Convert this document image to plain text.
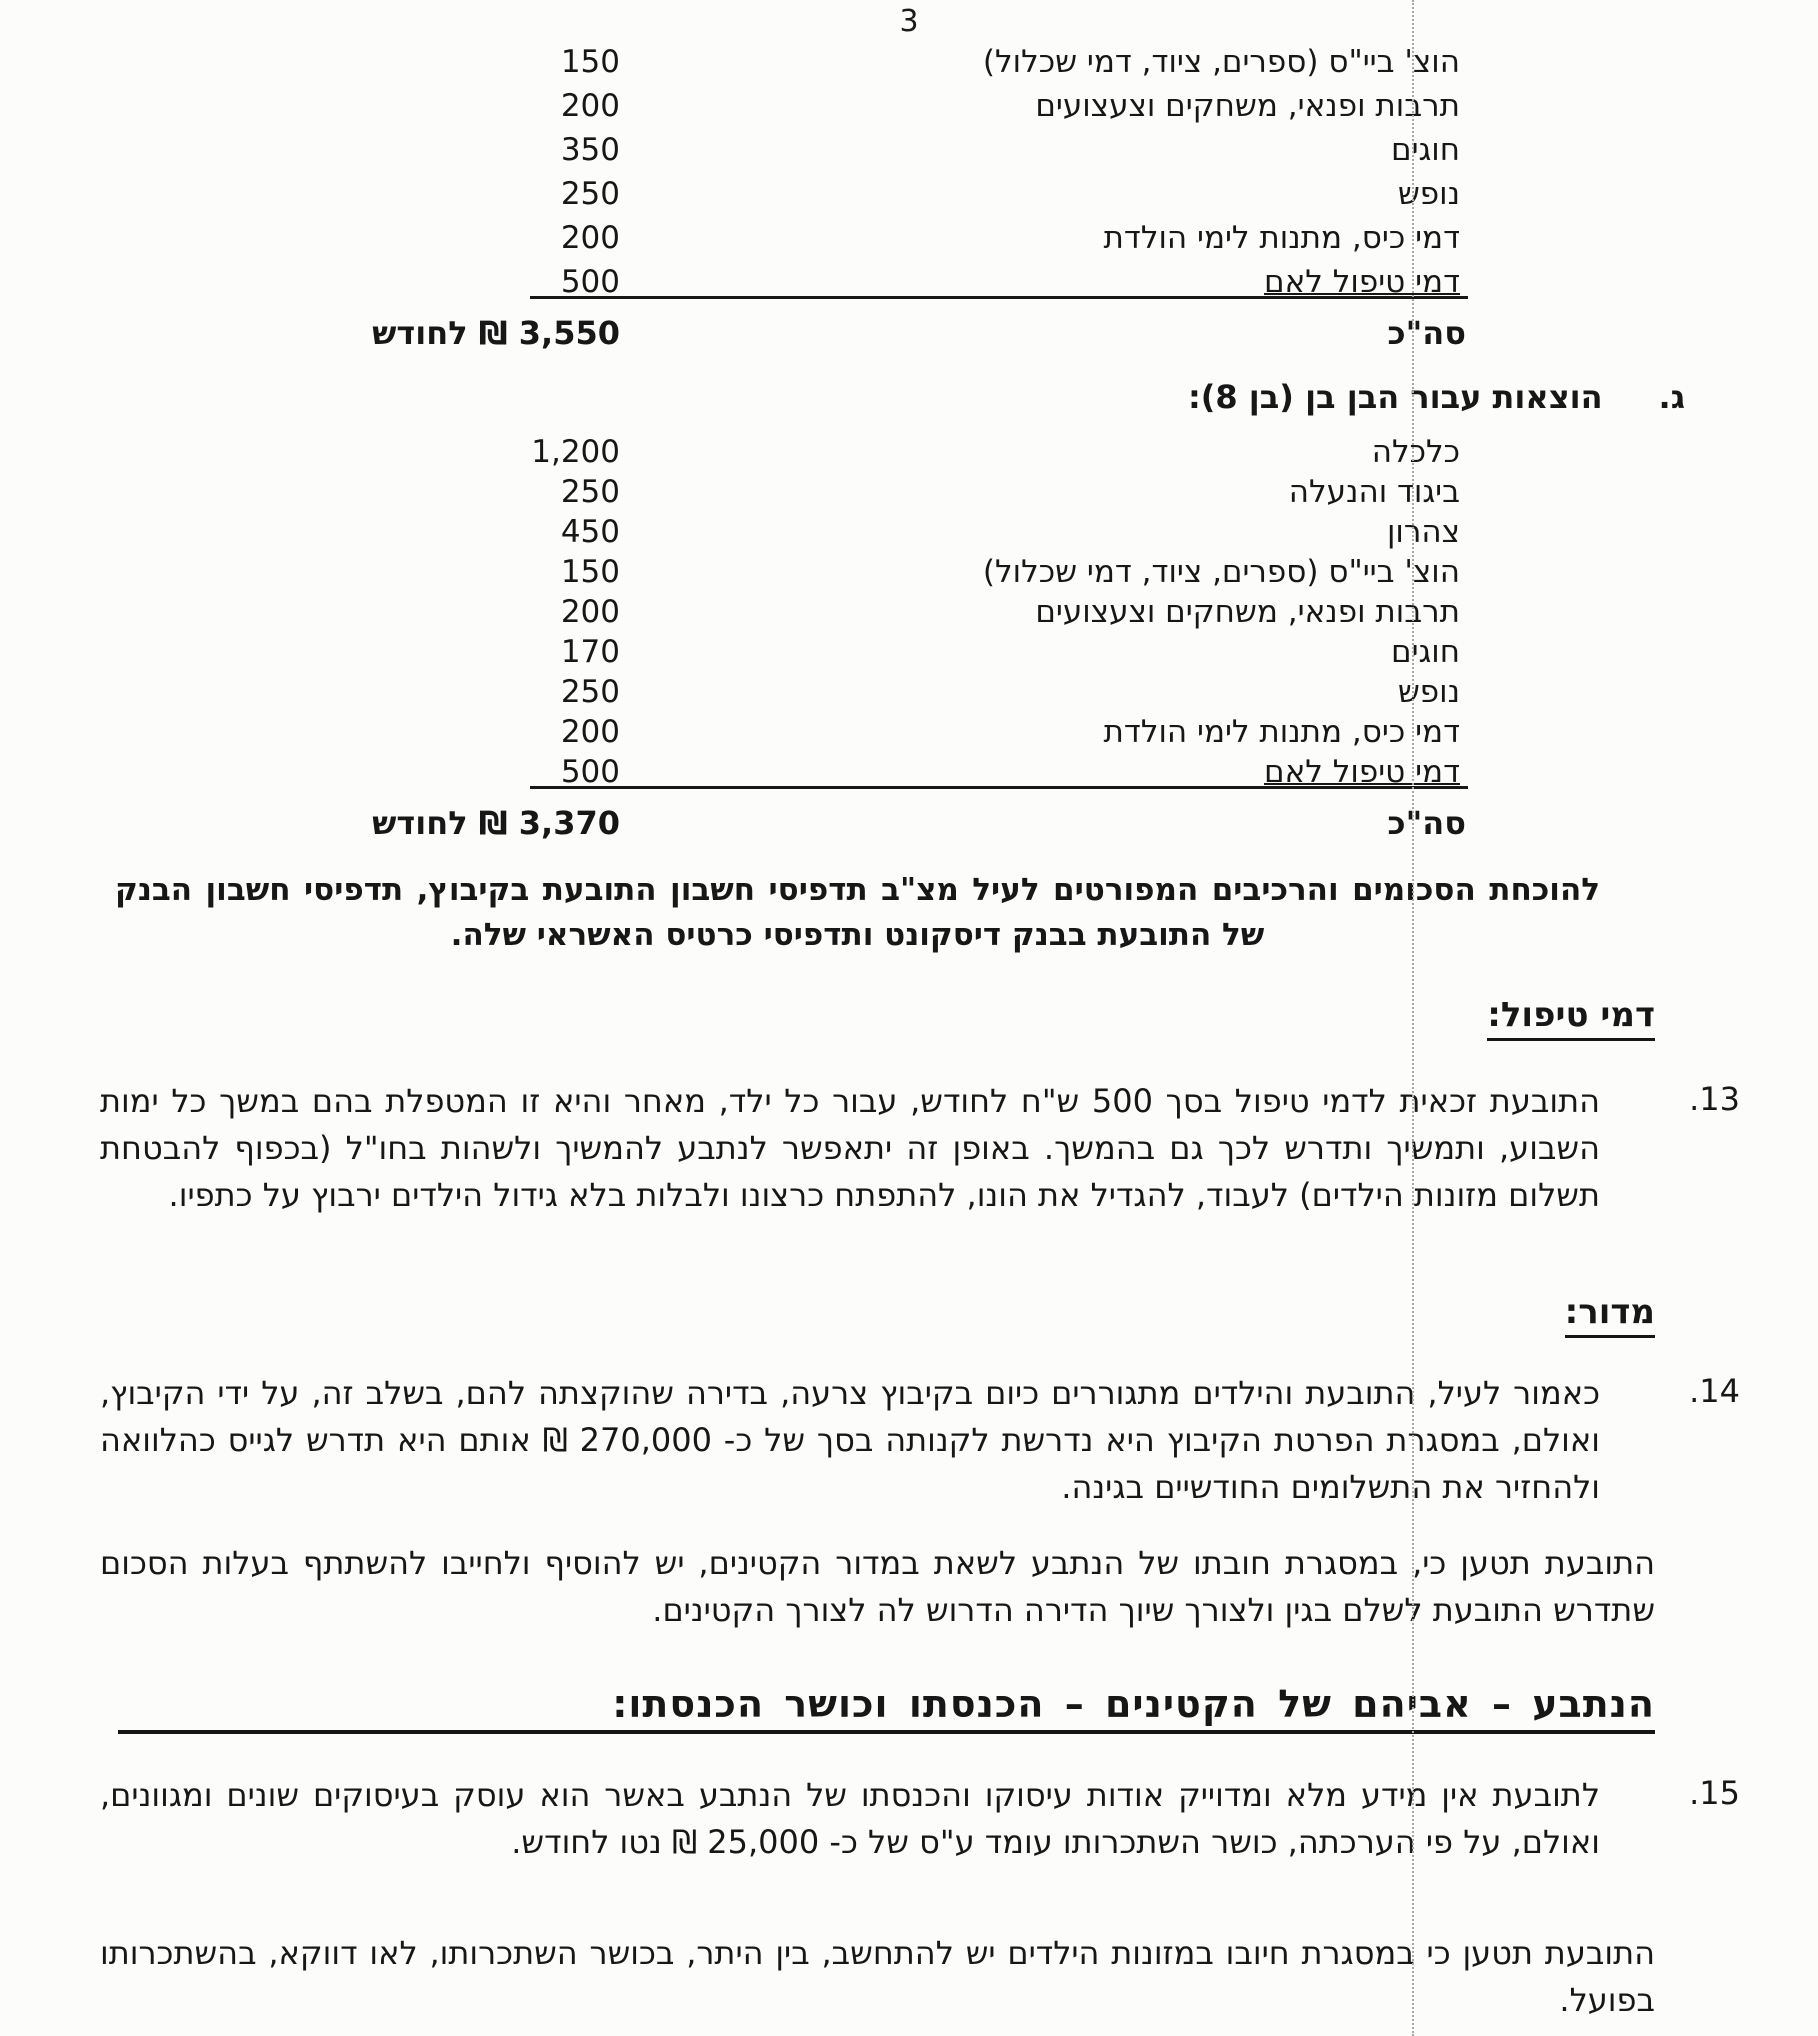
3
הוצ' ביי"ס (ספרים, ציוד, דמי שכלול)
150
תרבות ופנאי, משחקים וצעצועים
200
חוגים
350
נופש
250
דמי כיס, מתנות לימי הולדת
200
דמי טיפול לאם
500
סה"כ
3,550 ₪ לחודש
ג.
הוצאות עבור הבן בן (בן 8):
כלכלה
1,200
ביגוד והנעלה
250
צהרון
450
הוצ' ביי"ס (ספרים, ציוד, דמי שכלול)
150
תרבות ופנאי, משחקים וצעצועים
200
חוגים
170
נופש
250
דמי כיס, מתנות לימי הולדת
200
דמי טיפול לאם
500
סה"כ
3,370 ₪ לחודש

להוכחת הסכומים והרכיבים המפורטים לעיל מצ"ב תדפיסי חשבון התובעת בקיבוץ, תדפיסי חשבון הבנק של התובעת בבנק דיסקונט ותדפיסי כרטיס האשראי שלה.

דמי טיפול:
13.

התובעת זכאית לדמי טיפול בסך 500 ש"ח לחודש, עבור כל ילד, מאחר והיא זו המטפלת בהם במשך כל ימות השבוע, ותמשיך ותדרש לכך גם בהמשך. באופן זה יתאפשר לנתבע להמשיך ולשהות בחו"ל (בכפוף להבטחת תשלום מזונות הילדים) לעבוד, להגדיל את הונו, להתפתח כרצונו ולבלות בלא גידול הילדים ירבוץ על כתפיו.

מדור:
14.

כאמור לעיל, התובעת והילדים מתגוררים כיום בקיבוץ צרעה, בדירה שהוקצתה להם, בשלב זה, על ידי הקיבוץ, ואולם, במסגרת הפרטת הקיבוץ היא נדרשת לקנותה בסך של כ- 270,000 ₪ אותם היא תדרש לגייס כהלוואה ולהחזיר את התשלומים החודשיים בגינה.

התובעת תטען כי, במסגרת חובתו של הנתבע לשאת במדור הקטינים, יש להוסיף ולחייבו להשתתף בעלות הסכום שתדרש התובעת לשלם בגין ולצורך שיוך הדירה הדרוש לה לצורך הקטינים.

הנתבע – אביהם של הקטינים – הכנסתו וכושר הכנסתו:
15.

לתובעת אין מידע מלא ומדוייק אודות עיסוקו והכנסתו של הנתבע באשר הוא עוסק בעיסוקים שונים ומגוונים, ואולם, על פי הערכתה, כושר השתכרותו עומד ע"ס של כ- 25,000 ₪ נטו לחודש.

התובעת תטען כי במסגרת חיובו במזונות הילדים יש להתחשב, בין היתר, בכושר השתכרותו, לאו דווקא, בהשתכרותו בפועל.
